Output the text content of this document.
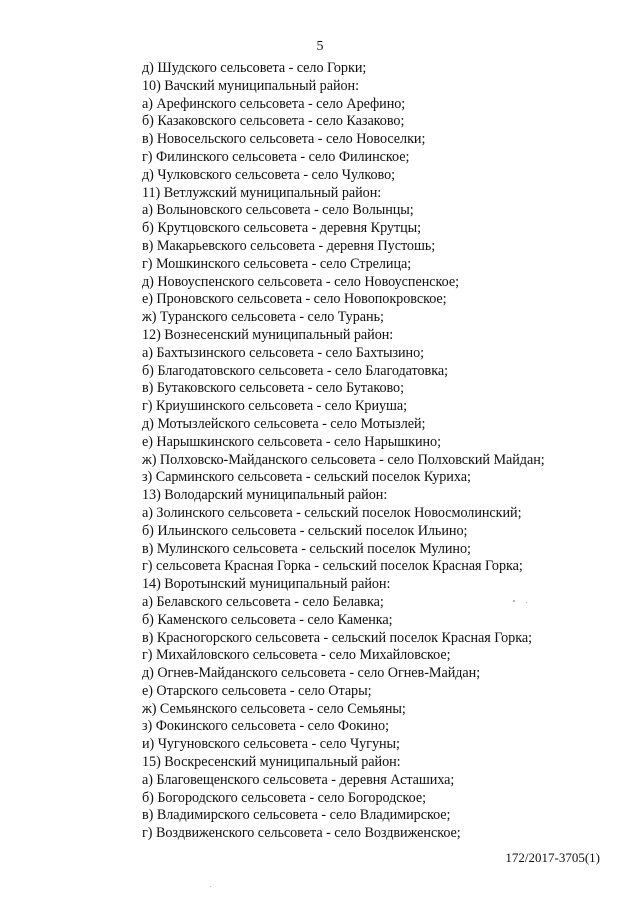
5
д) Шудского сельсовета - село Горки;
10) Вачский муниципальный район:
а) Арефинского сельсовета - село Арефино;
б) Казаковского сельсовета - село Казаково;
в) Новосельского сельсовета - село Новоселки;
г) Филинского сельсовета - село Филинское;
д) Чулковского сельсовета - село Чулково;
11) Ветлужский муниципальный район:
а) Волыновского сельсовета - село Волынцы;
б) Крутцовского сельсовета - деревня Крутцы;
в) Макарьевского сельсовета - деревня Пустошь;
г) Мошкинского сельсовета - село Стрелица;
д) Новоуспенского сельсовета - село Новоуспенское;
е) Проновского сельсовета - село Новопокровское;
ж) Туранского сельсовета - село Турань;
12) Вознесенский муниципальный район:
а) Бахтызинского сельсовета - село Бахтызино;
б) Благодатовского сельсовета - село Благодатовка;
в) Бутаковского сельсовета - село Бутаково;
г) Криушинского сельсовета - село Криуша;
д) Мотызлейского сельсовета - село Мотызлей;
е) Нарышкинского сельсовета - село Нарышкино;
ж) Полховско-Майданского сельсовета - село Полховский Майдан;
з) Сарминского сельсовета - сельский поселок Куриха;
13) Володарский муниципальный район:
а) Золинского сельсовета - сельский поселок Новосмолинский;
б) Ильинского сельсовета - сельский поселок Ильино;
в) Мулинского сельсовета - сельский поселок Мулино;
г) сельсовета Красная Горка - сельский поселок Красная Горка;
14) Воротынский муниципальный район:
а) Белавского сельсовета - село Белавка;
б) Каменского сельсовета - село Каменка;
в) Красногорского сельсовета - сельский поселок Красная Горка;
г) Михайловского сельсовета - село Михайловское;
д) Огнев-Майданского сельсовета - село Огнев-Майдан;
е) Отарского сельсовета - село Отары;
ж) Семьянского сельсовета - село Семьяны;
з) Фокинского сельсовета - село Фокино;
и) Чугуновского сельсовета - село Чугуны;
15) Воскресенский муниципальный район:
а) Благовещенского сельсовета - деревня Асташиха;
б) Богородского сельсовета - село Богородское;
в) Владимирского сельсовета - село Владимирское;
г) Воздвиженского сельсовета - село Воздвиженское;
172/2017-3705(1)
